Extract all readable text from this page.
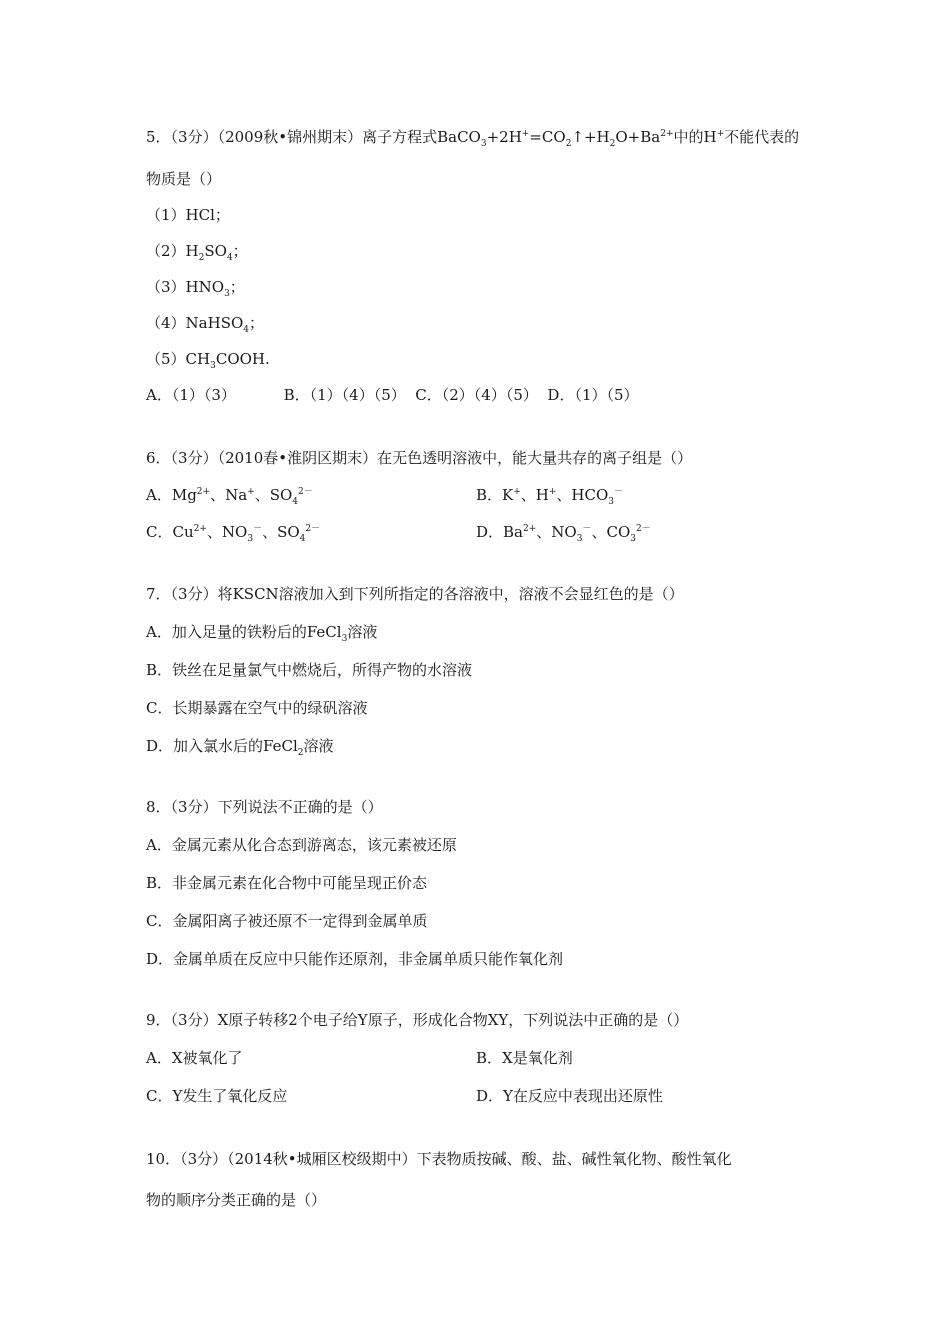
5．（3分）（2009秋•锦州期末）离子方程式$BaCO_3+2H^+=CO_2↑+H_2O+Ba^{2+}$中的H+不能代表的
物质是（）
（1）HCl；
$(2)H_2SO_4$；
$(3)HNO_3$；
（4）NaHSO$_4$；
$(5)CH_3COOH$.
A．（1）（3）          B．（1）（4）（5）  C．（2）（4）（5）  D．（1）（5）
6．（3分）（2010春•淮阴区期末）在无色透明溶液中，能大量共存的离子组是（）
A．$Mg^{2+}$、Na+、$SO_4^{2-}$	B．K+、H+、$HCO_3^-$
C．$Cu^{2+}$、$NO_3^-$、$SO_4^{2-}$	D．$Ba^{2+}$、$NO_3^-$、$CO_3^{2-}$
7．（3分）将KSCN溶液加入到下列所指定的各溶液中，溶液不会显红色的是（）
A．加入足量的铁粉后的FeCl$_3$溶液
B．铁丝在足量氯气中燃烧后，所得产物的水溶液
C．长期暴露在空气中的绿矾溶液
D．加入氯水后的FeCl$_2$溶液
8．（3分）下列说法不正确的是（）
A．金属元素从化合态到游离态，该元素被还原
B．非金属元素在化合物中可能呈现正价态
C．金属阳离子被还原不一定得到金属单质
D．金属单质在反应中只能作还原剂，非金属单质只能作氧化剂
9．（3分）X原子转移2个电子给Y原子，形成化合物XY，下列说法中正确的是（）
A．X被氧化了	B．X是氧化剂
C．Y发生了氧化反应	D．Y在反应中表现出还原性
10．（3分）（2014秋•城厢区校级期中）下表物质按碱、酸、盐、碱性氧化物、酸性氧化
物的顺序分类正确的是（）
